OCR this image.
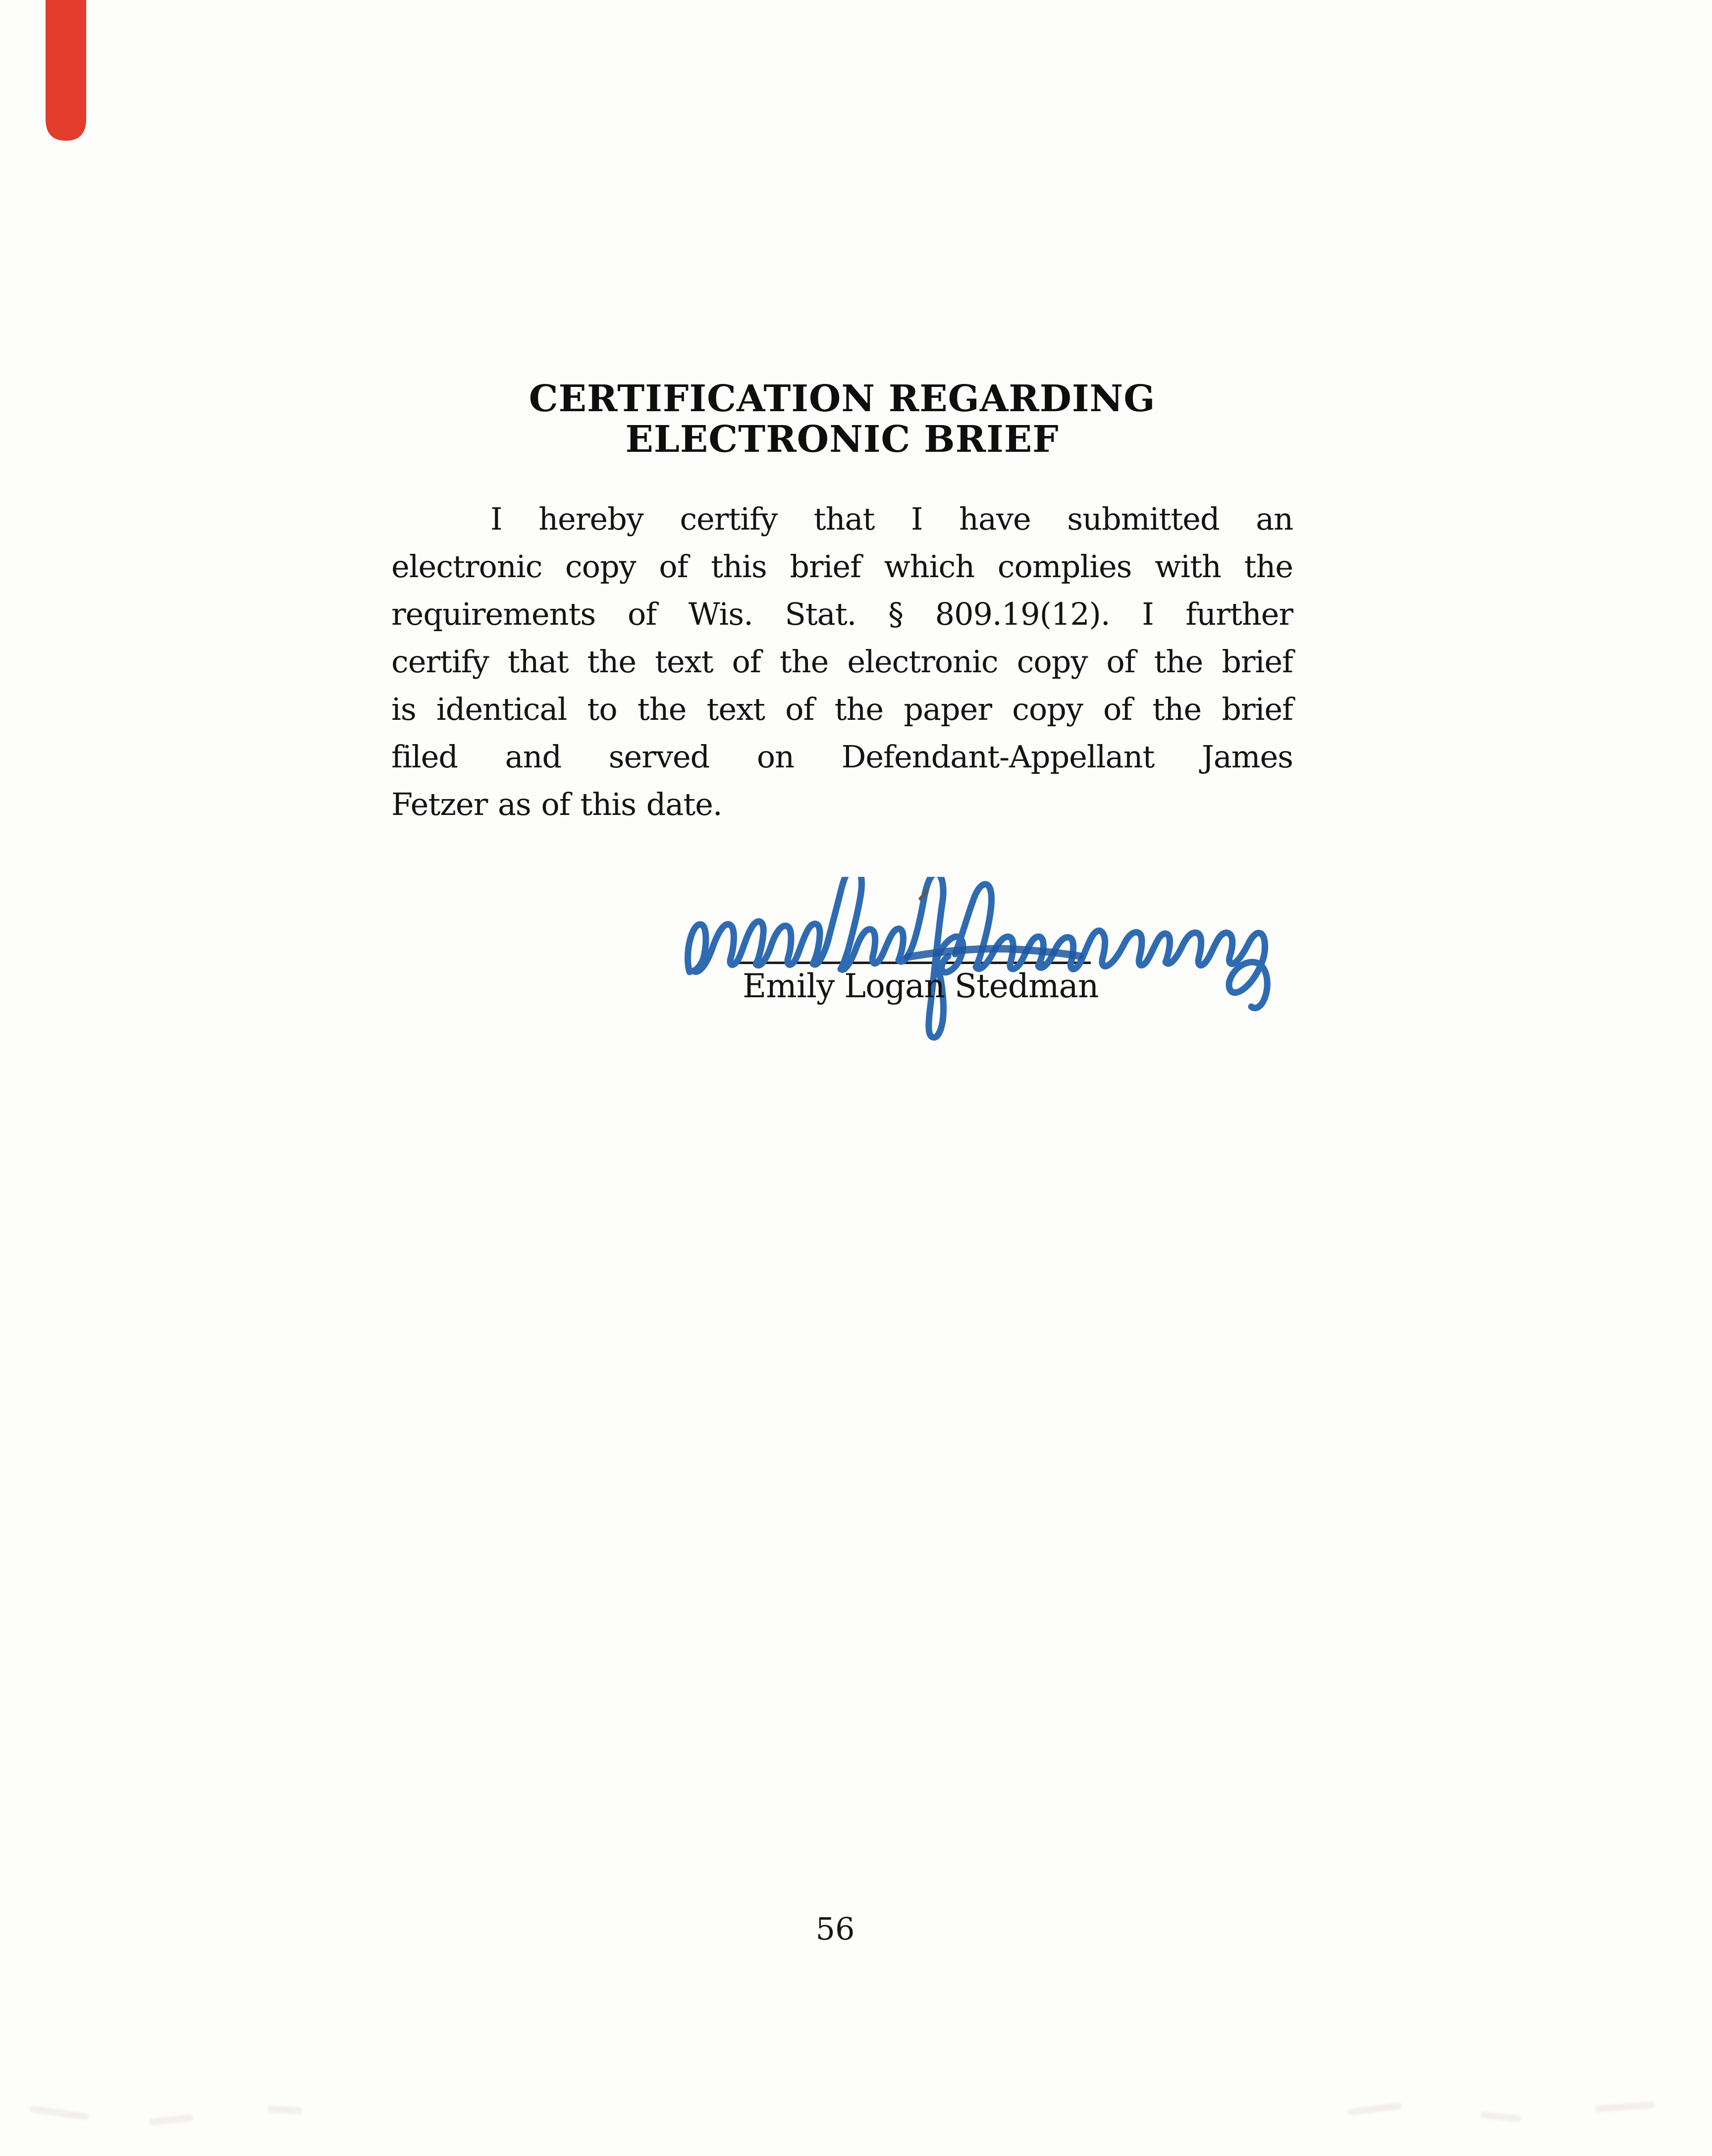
CERTIFICATION REGARDING
ELECTRONIC BRIEF
I hereby certify that I have submitted an
electronic copy of this brief which complies with the
requirements of Wis. Stat. § 809.19(12). I further
certify that the text of the electronic copy of the brief
is identical to the text of the paper copy of the brief
filed and served on Defendant-Appellant James
Fetzer as of this date.
Emily Logan Stedman
56
